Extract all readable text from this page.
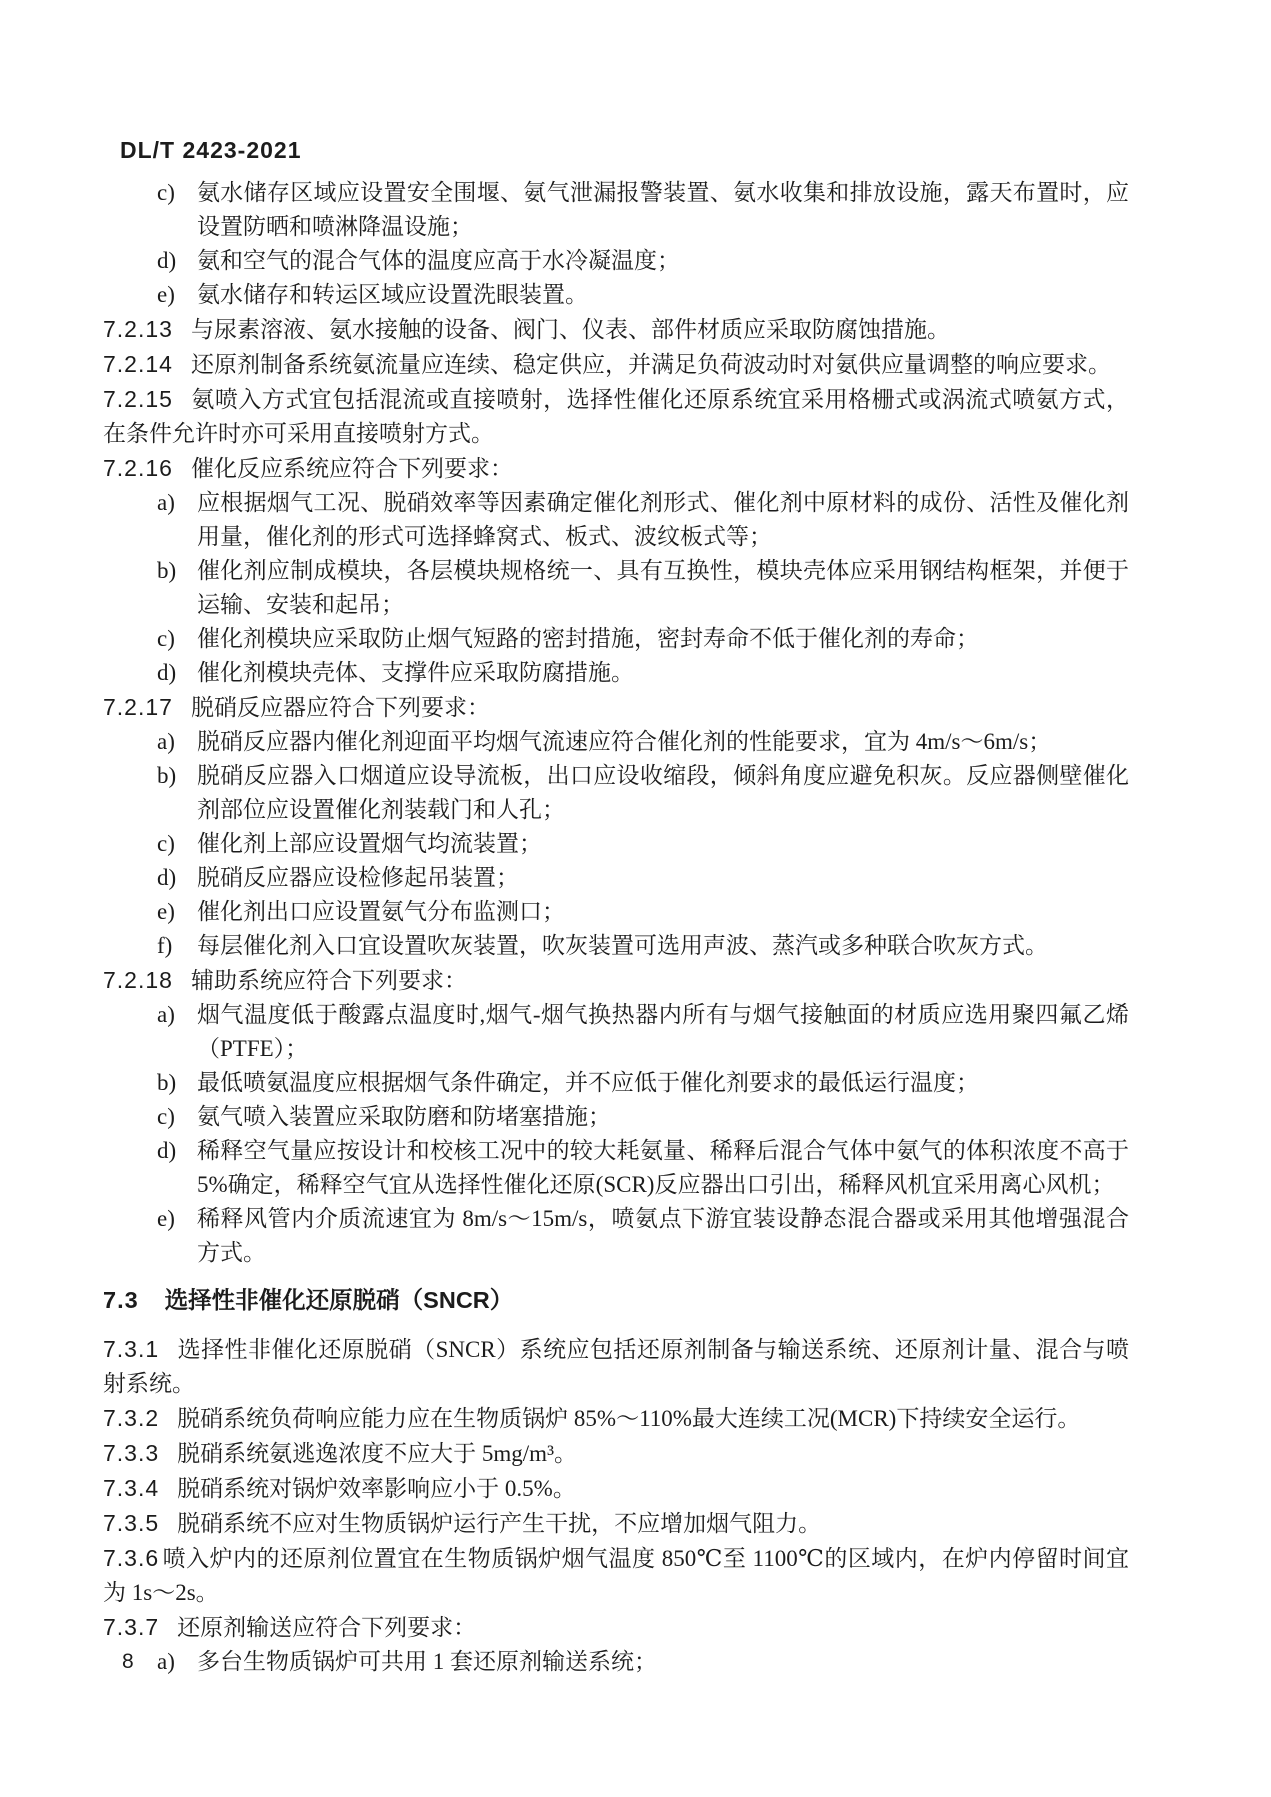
DL/T 2423-2021

c) 氨水储存区域应设置安全围堰、氨气泄漏报警装置、氨水收集和排放设施，露天布置时，应设置防晒和喷淋降温设施；

d) 氨和空气的混合气体的温度应高于水冷凝温度；

e) 氨水储存和转运区域应设置洗眼装置。

7.2.13 与尿素溶液、氨水接触的设备、阀门、仪表、部件材质应采取防腐蚀措施。

7.2.14 还原剂制备系统氨流量应连续、稳定供应，并满足负荷波动时对氨供应量调整的响应要求。

7.2.15 氨喷入方式宜包括混流或直接喷射，选择性催化还原系统宜采用格栅式或涡流式喷氨方式，在条件允许时亦可采用直接喷射方式。

7.2.16 催化反应系统应符合下列要求：

a) 应根据烟气工况、脱硝效率等因素确定催化剂形式、催化剂中原材料的成份、活性及催化剂用量，催化剂的形式可选择蜂窝式、板式、波纹板式等；

b) 催化剂应制成模块，各层模块规格统一、具有互换性，模块壳体应采用钢结构框架，并便于运输、安装和起吊；

c) 催化剂模块应采取防止烟气短路的密封措施，密封寿命不低于催化剂的寿命；

d) 催化剂模块壳体、支撑件应采取防腐措施。

7.2.17 脱硝反应器应符合下列要求：

a) 脱硝反应器内催化剂迎面平均烟气流速应符合催化剂的性能要求，宜为 4m/s～6m/s；

b) 脱硝反应器入口烟道应设导流板，出口应设收缩段，倾斜角度应避免积灰。反应器侧壁催化剂部位应设置催化剂装载门和人孔；

c) 催化剂上部应设置烟气均流装置；

d) 脱硝反应器应设检修起吊装置；

e) 催化剂出口应设置氨气分布监测口；

f) 每层催化剂入口宜设置吹灰装置，吹灰装置可选用声波、蒸汽或多种联合吹灰方式。

7.2.18 辅助系统应符合下列要求：

a) 烟气温度低于酸露点温度时,烟气-烟气换热器内所有与烟气接触面的材质应选用聚四氟乙烯（PTFE）；

b) 最低喷氨温度应根据烟气条件确定，并不应低于催化剂要求的最低运行温度；

c) 氨气喷入装置应采取防磨和防堵塞措施；

d) 稀释空气量应按设计和校核工况中的较大耗氨量、稀释后混合气体中氨气的体积浓度不高于5%确定，稀释空气宜从选择性催化还原(SCR)反应器出口引出，稀释风机宜采用离心风机；

e) 稀释风管内介质流速宜为 8m/s～15m/s，喷氨点下游宜装设静态混合器或采用其他增强混合方式。

7.3 选择性非催化还原脱硝（SNCR）

7.3.1 选择性非催化还原脱硝（SNCR）系统应包括还原剂制备与输送系统、还原剂计量、混合与喷射系统。

7.3.2 脱硝系统负荷响应能力应在生物质锅炉 85%～110%最大连续工况(MCR)下持续安全运行。

7.3.3 脱硝系统氨逃逸浓度不应大于 5mg/m³。

7.3.4 脱硝系统对锅炉效率影响应小于 0.5%。

7.3.5 脱硝系统不应对生物质锅炉运行产生干扰，不应增加烟气阻力。

7.3.6 喷入炉内的还原剂位置宜在生物质锅炉烟气温度 850℃至 1100℃的区域内，在炉内停留时间宜为 1s～2s。

7.3.7 还原剂输送应符合下列要求：

a) 多台生物质锅炉可共用 1 套还原剂输送系统；

8
